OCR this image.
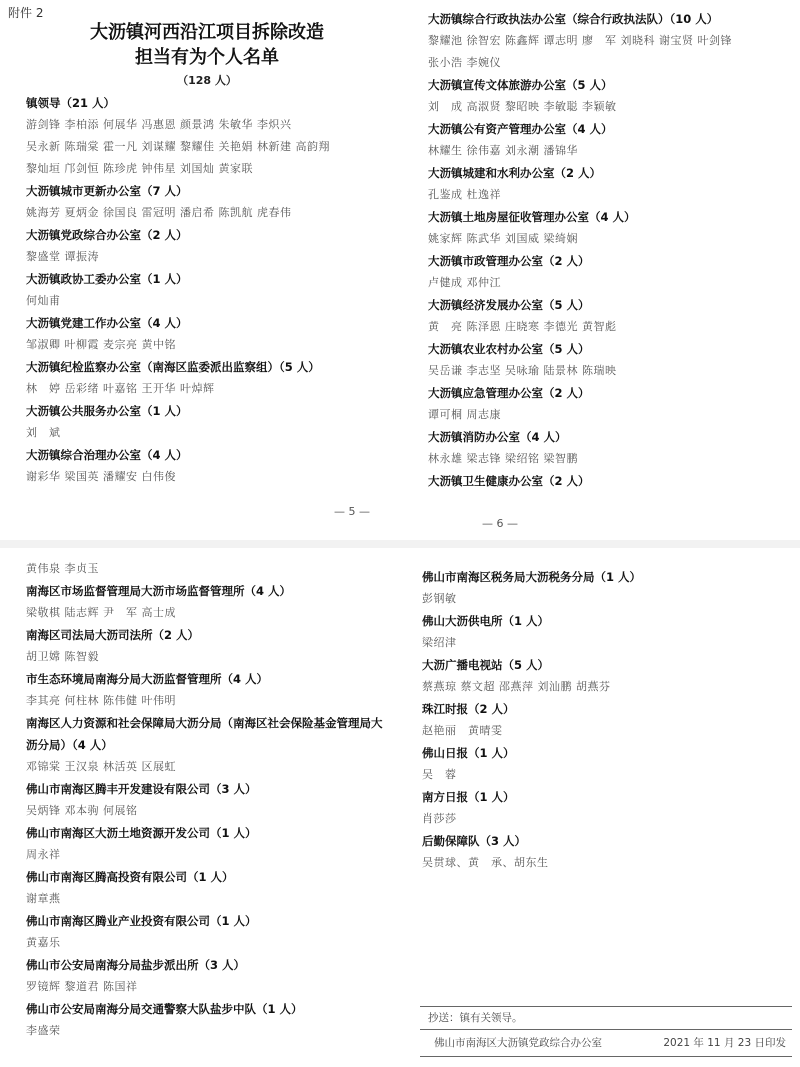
附件 2
大沥镇河西沿江项目拆除改造
担当有为个人名单
（128 人）
镇领导（21 人）
游剑锋 李柏添 何展华 冯惠恩 颜景鸿 朱敏华 李炽兴
吴永新 陈瑞棠 霍一凡 刘谋耀 黎耀佳 关艳娟 林新建 高韵翔
黎灿垣 邝剑恒 陈珍虎 钟伟星 刘国灿 黄家联
大沥镇城市更新办公室（7 人）
姚海芳 夏炳金 徐国良 雷冠明 潘启希 陈凯航 虎春伟
大沥镇党政综合办公室（2 人）
黎盛堂 谭振涛
大沥镇政协工委办公室（1 人）
何灿甫
大沥镇党建工作办公室（4 人）
邹淑卿 叶柳霞 麦宗亮 黄中铭
大沥镇纪检监察办公室（南海区监委派出监察组）（5 人）
林　婷 岳彩绪 叶嘉铭 王开华 叶焯辉
大沥镇公共服务办公室（1 人）
刘　斌
大沥镇综合治理办公室（4 人）
谢彩华 梁国英 潘耀安 白伟俊
— 5 —
大沥镇综合行政执法办公室（综合行政执法队）（10 人）
黎耀池 徐智宏 陈鑫辉 谭志明 廖　军 刘晓科 谢宝贤 叶剑锋
张小浩 李婉仪
大沥镇宣传文体旅游办公室（5 人）
刘　成 高淑贤 黎昭映 李敏聪 李颖敏
大沥镇公有资产管理办公室（4 人）
林耀生 徐伟嘉 刘永潮 潘锦华
大沥镇城建和水利办公室（2 人）
孔鉴成 杜逸祥
大沥镇土地房屋征收管理办公室（4 人）
姚家辉 陈武华 刘国威 梁绮娴
大沥镇市政管理办公室（2 人）
卢健成 邓仲江
大沥镇经济发展办公室（5 人）
黄　亮 陈泽恩 庄晓寒 李德光 黄智彪
大沥镇农业农村办公室（5 人）
吴岳谦 李志坚 吴咏瑜 陆景林 陈瑞映
大沥镇应急管理办公室（2 人）
谭可桐 周志康
大沥镇消防办公室（4 人）
林永雄 梁志锋 梁绍铭 梁智鹏
大沥镇卫生健康办公室（2 人）
— 6 —
黄伟泉 李贞玉
南海区市场监督管理局大沥市场监督管理所（4 人）
梁敬棋 陆志辉 尹　军 高士成
南海区司法局大沥司法所（2 人）
胡卫嫦 陈智毅
市生态环境局南海分局大沥监督管理所（4 人）
李其亮 何柱林 陈伟健 叶伟明
南海区人力资源和社会保障局大沥分局（南海区社会保险基金管理局大沥分局）（4 人）
邓锦棠 王汉泉 林活英 区展虹
佛山市南海区腾丰开发建设有限公司（3 人）
吴炳锋 邓本驹 何展铭
佛山市南海区大沥土地资源开发公司（1 人）
周永祥
佛山市南海区腾高投资有限公司（1 人）
谢章燕
佛山市南海区腾业产业投资有限公司（1 人）
黄嘉乐
佛山市公安局南海分局盐步派出所（3 人）
罗镜辉 黎道君 陈国祥
佛山市公安局南海分局交通警察大队盐步中队（1 人）
李盛荣
佛山市南海区税务局大沥税务分局（1 人）
彭钢敏
佛山大沥供电所（1 人）
梁绍津
大沥广播电视站（5 人）
蔡燕琼 蔡文超 邵燕萍 刘汕鹏 胡燕芬
珠江时报（2 人）
赵艳丽　黄晴雯
佛山日报（1 人）
吴　蓉
南方日报（1 人）
肖莎莎
后勤保障队（3 人）
吴贯球、黄　承、胡东生
抄送：镇有关领导。
佛山市南海区大沥镇党政综合办公室	2021 年 11 月 23 日印发
